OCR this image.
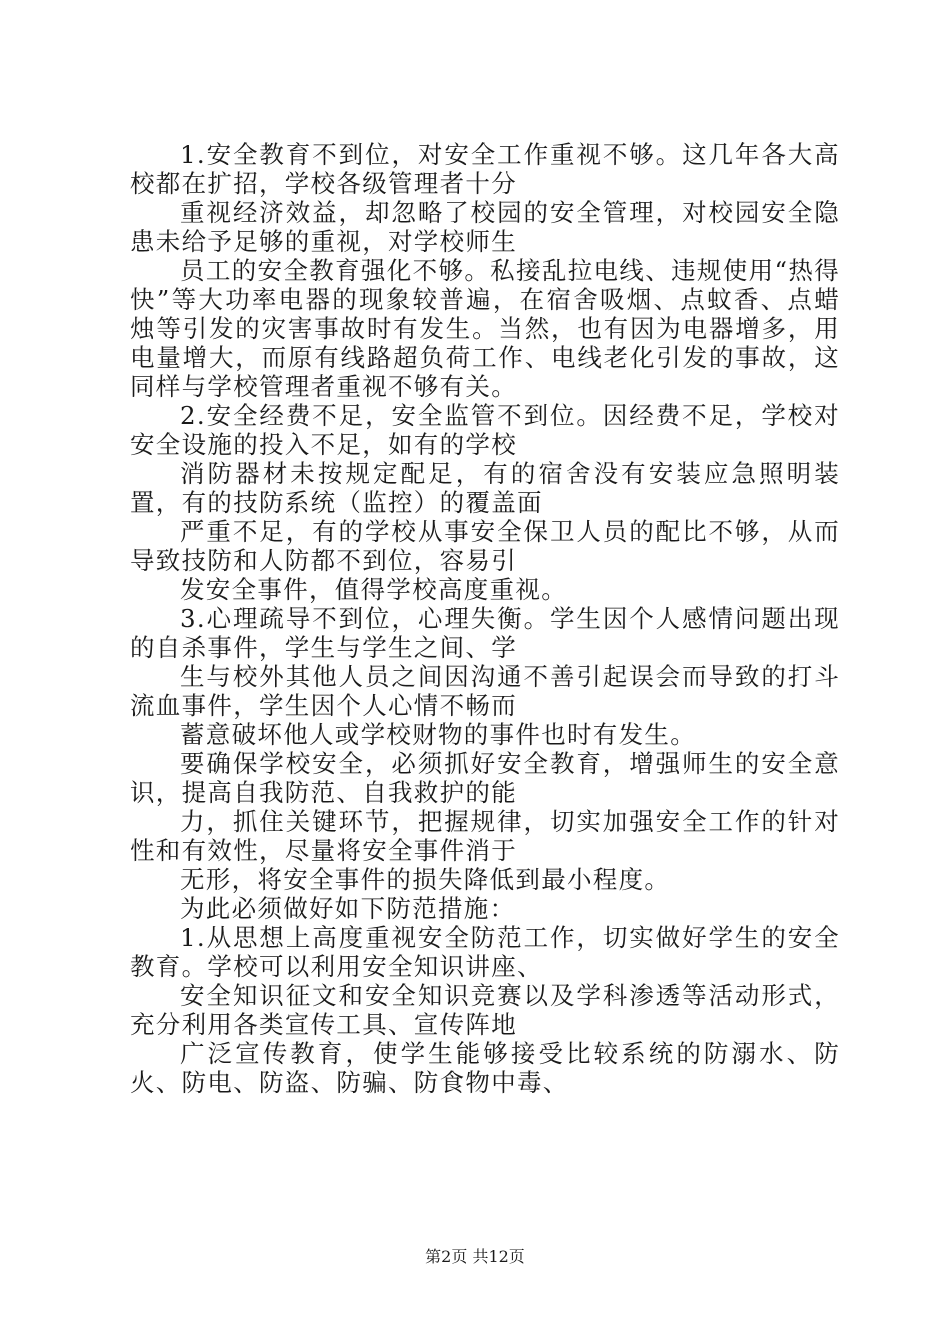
1.安全教育不到位，对安全工作重视不够。这几年各大高校都在扩招，学校各级管理者十分

重视经济效益，却忽略了校园的安全管理，对校园安全隐患未给予足够的重视，对学校师生

员工的安全教育强化不够。私接乱拉电线、违规使用“热得快”等大功率电器的现象较普遍，在宿舍吸烟、点蚊香、点蜡烛等引发的灾害事故时有发生。当然，也有因为电器增多，用电量增大，而原有线路超负荷工作、电线老化引发的事故，这同样与学校管理者重视不够有关。

2.安全经费不足，安全监管不到位。因经费不足，学校对安全设施的投入不足，如有的学校

消防器材未按规定配足，有的宿舍没有安装应急照明装置，有的技防系统（监控）的覆盖面

严重不足，有的学校从事安全保卫人员的配比不够，从而导致技防和人防都不到位，容易引

发安全事件，值得学校高度重视。

3.心理疏导不到位，心理失衡。学生因个人感情问题出现的自杀事件，学生与学生之间、学

生与校外其他人员之间因沟通不善引起误会而导致的打斗流血事件，学生因个人心情不畅而

蓄意破坏他人或学校财物的事件也时有发生。

要确保学校安全，必须抓好安全教育，增强师生的安全意识，提高自我防范、自我救护的能

力，抓住关键环节，把握规律，切实加强安全工作的针对性和有效性，尽量将安全事件消于

无形，将安全事件的损失降低到最小程度。

为此必须做好如下防范措施：

1.从思想上高度重视安全防范工作，切实做好学生的安全教育。学校可以利用安全知识讲座、

安全知识征文和安全知识竞赛以及学科渗透等活动形式，充分利用各类宣传工具、宣传阵地

广泛宣传教育，使学生能够接受比较系统的防溺水、防火、防电、防盗、防骗、防食物中毒、

第2页 共12页
